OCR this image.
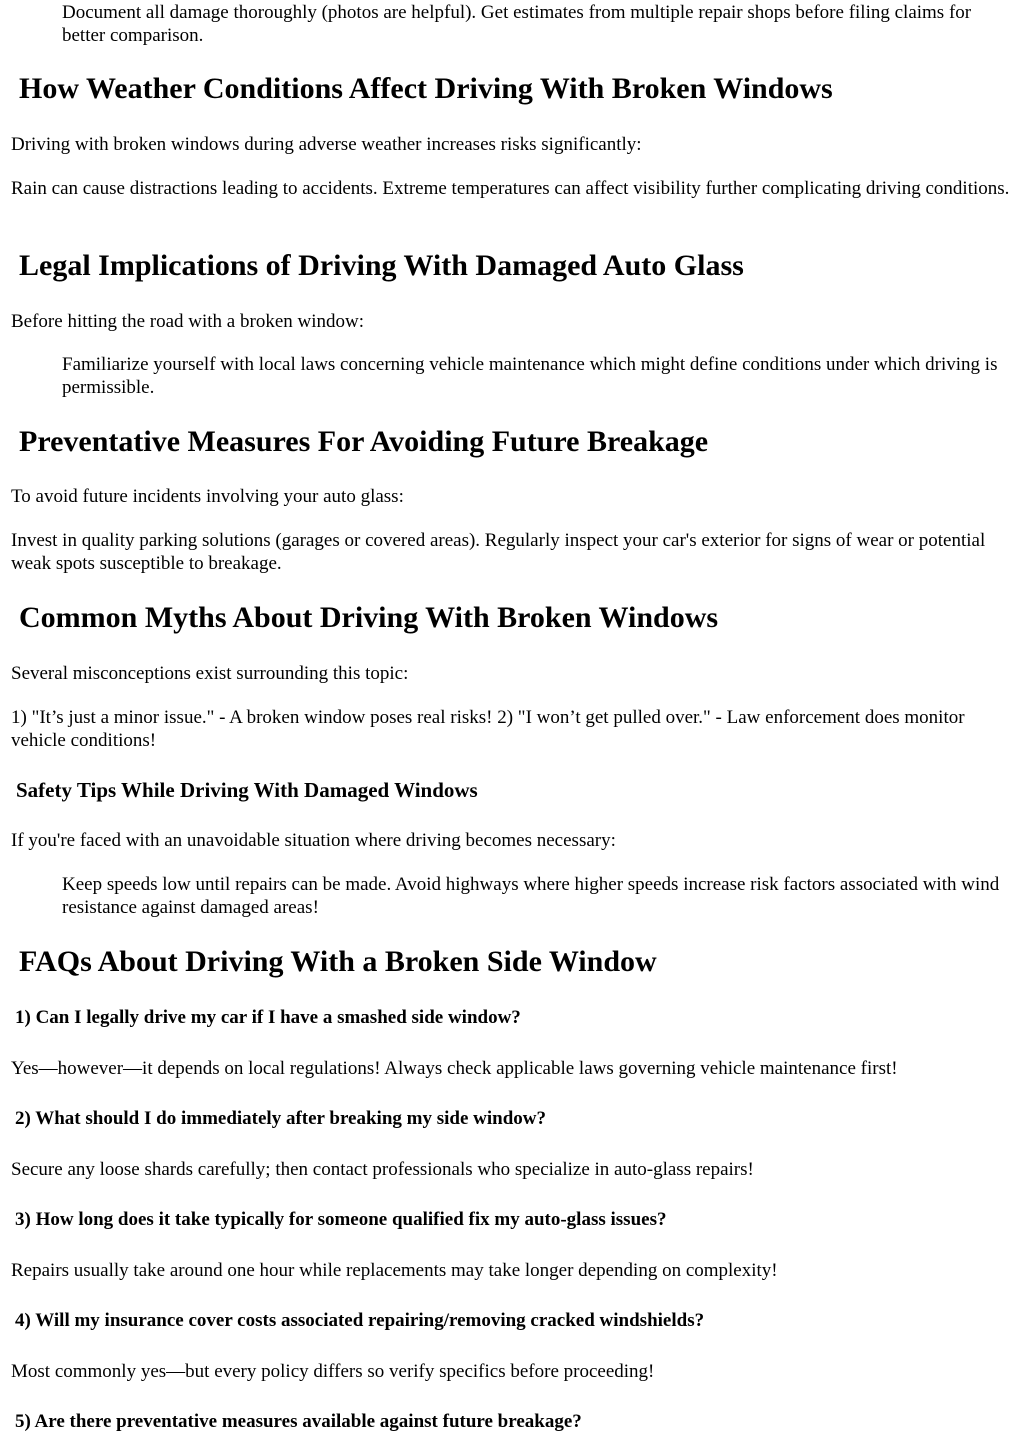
Document all damage thoroughly (photos are helpful). Get estimates from multiple repair shops before filing claims for better comparison.

How Weather Conditions Affect Driving With Broken Windows

Driving with broken windows during adverse weather increases risks significantly:

Rain can cause distractions leading to accidents. Extreme temperatures can affect visibility further complicating driving conditions.

Legal Implications of Driving With Damaged Auto Glass

Before hitting the road with a broken window:

Familiarize yourself with local laws concerning vehicle maintenance which might define conditions under which driving is permissible.

Preventative Measures For Avoiding Future Breakage

To avoid future incidents involving your auto glass:

Invest in quality parking solutions (garages or covered areas). Regularly inspect your car's exterior for signs of wear or potential weak spots susceptible to breakage.

Common Myths About Driving With Broken Windows

Several misconceptions exist surrounding this topic:

1) "It’s just a minor issue." - A broken window poses real risks! 2) "I won’t get pulled over." - Law enforcement does monitor vehicle conditions!

Safety Tips While Driving With Damaged Windows

If you're faced with an unavoidable situation where driving becomes necessary:

Keep speeds low until repairs can be made. Avoid highways where higher speeds increase risk factors associated with wind resistance against damaged areas!

FAQs About Driving With a Broken Side Window
1) Can I legally drive my car if I have a smashed side window?

Yes—however—it depends on local regulations! Always check applicable laws governing vehicle maintenance first!

2) What should I do immediately after breaking my side window?

Secure any loose shards carefully; then contact professionals who specialize in auto-glass repairs!

3) How long does it take typically for someone qualified fix my auto-glass issues?

Repairs usually take around one hour while replacements may take longer depending on complexity!

4) Will my insurance cover costs associated repairing/removing cracked windshields?

Most commonly yes—but every policy differs so verify specifics before proceeding!

5) Are there preventative measures available against future breakage?
